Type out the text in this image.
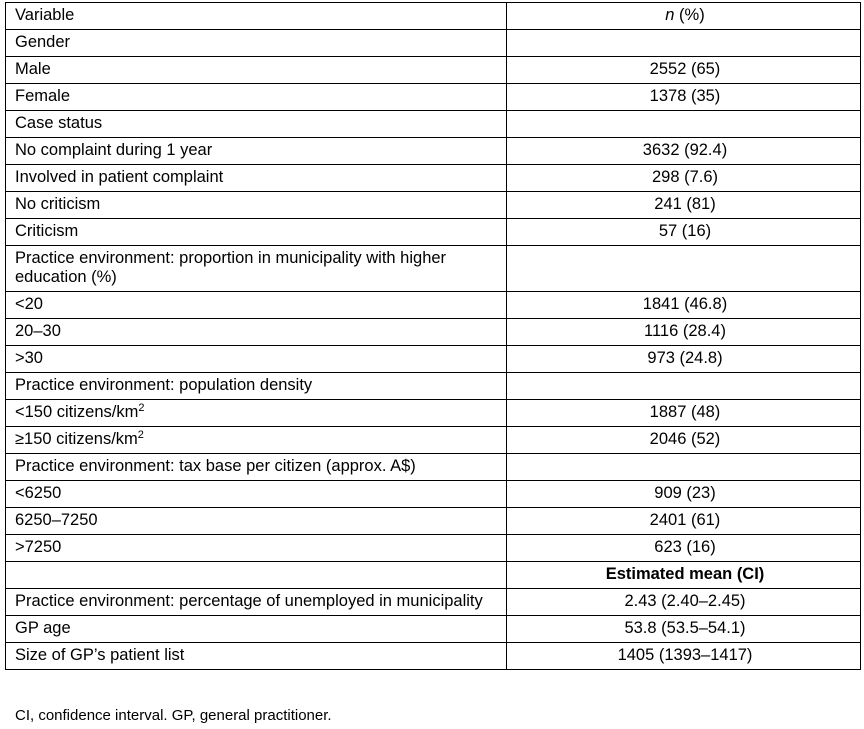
Variable	n (%)
Gender	
Male	2552 (65)
Female	1378 (35)
Case status	
No complaint during 1 year	3632 (92.4)
Involved in patient complaint	298 (7.6)
No criticism	241 (81)
Criticism	57 (16)
Practice environment: proportion in municipality with higher education (%)	
<20	1841 (46.8)
20–30	1116 (28.4)
>30	973 (24.8)
Practice environment: population density	
<150 citizens/$km^2$	1887 (48)
≥150 citizens/$km^2$	2046 (52)
Practice environment: tax base per citizen (approx. A$)	
<6250	909 (23)
6250–7250	2401 (61)
>7250	623 (16)
	Estimated mean (CI)
Practice environment: percentage of unemployed in municipality	2.43 (2.40–2.45)
GP age	53.8 (53.5–54.1)
Size of GP’s patient list	1405 (1393–1417)
CI, confidence interval. GP, general practitioner.
